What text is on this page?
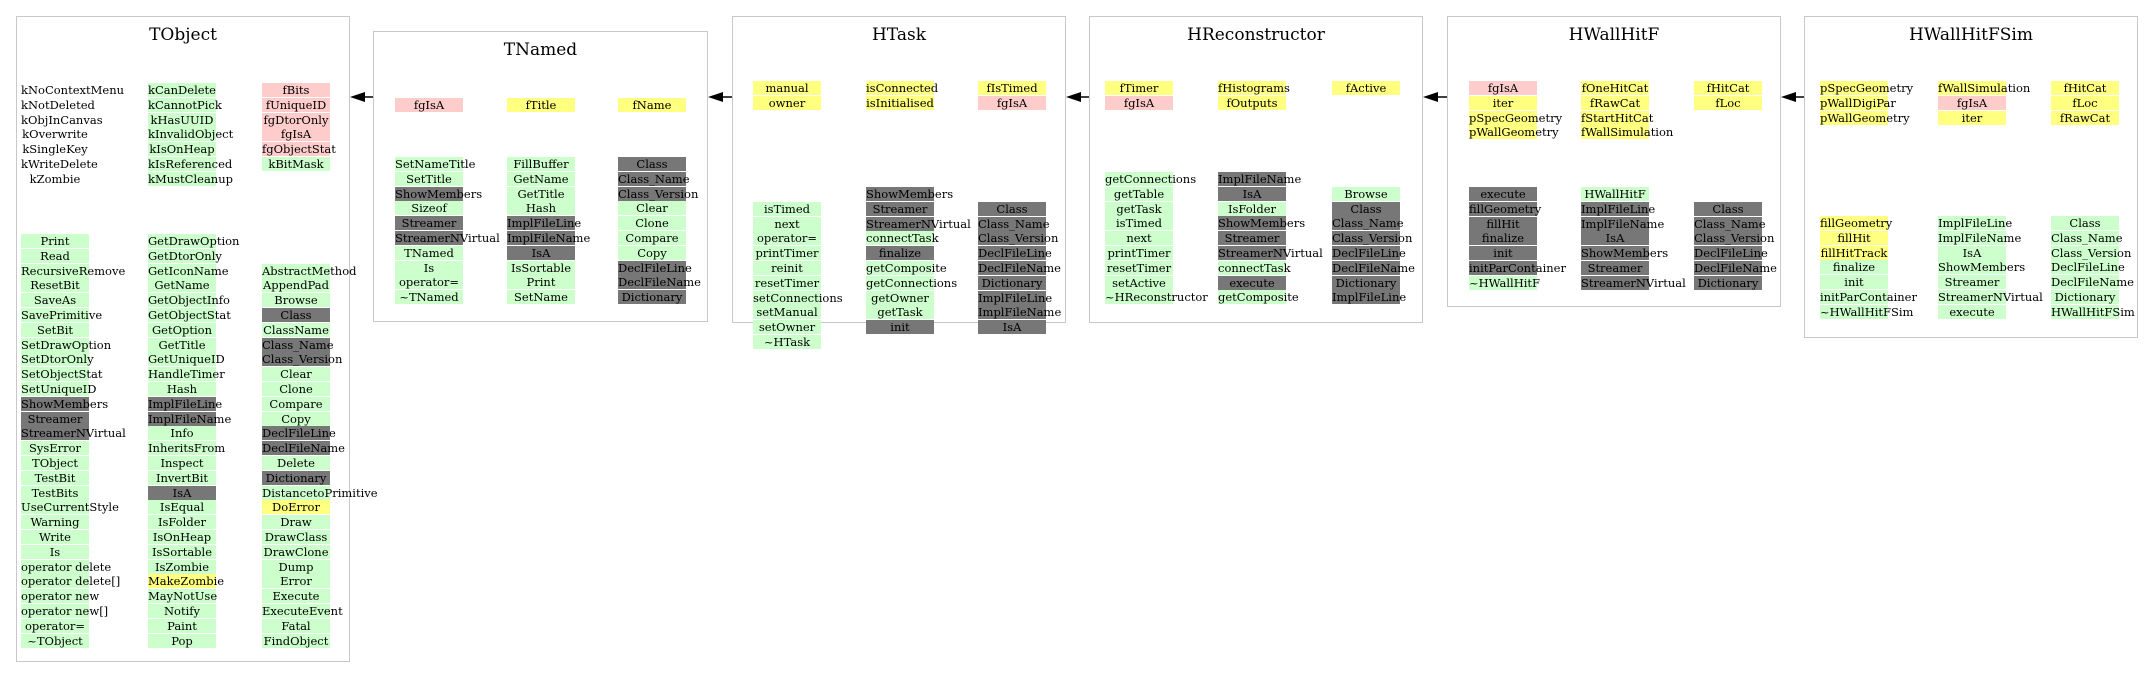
TObject
kNoContextMenu
kNotDeleted
kObjInCanvas
kOverwrite
kSingleKey
kWriteDelete
kZombie
kCanDelete
kCannotPick
kHasUUID
kInvalidObject
kIsOnHeap
kIsReferenced
kMustCleanup
fBits
fUniqueID
fgDtorOnly
fgIsA
fgObjectStat
kBitMask
Print
Read
RecursiveRemove
ResetBit
SaveAs
SavePrimitive
SetBit
SetDrawOption
SetDtorOnly
SetObjectStat
SetUniqueID
ShowMembers
Streamer
StreamerNVirtual
SysError
TObject
TestBit
TestBits
UseCurrentStyle
Warning
Write
Is
operator delete
operator delete[]
operator new
operator new[]
operator=
~TObject
GetDrawOption
GetDtorOnly
GetIconName
GetName
GetObjectInfo
GetObjectStat
GetOption
GetTitle
GetUniqueID
HandleTimer
Hash
ImplFileLine
ImplFileName
Info
InheritsFrom
Inspect
InvertBit
IsA
IsEqual
IsFolder
IsOnHeap
IsSortable
IsZombie
MakeZombie
MayNotUse
Notify
Paint
Pop
AbstractMethod
AppendPad
Browse
Class
ClassName
Class_Name
Class_Version
Clear
Clone
Compare
Copy
DeclFileLine
DeclFileName
Delete
Dictionary
DistancetoPrimitive
DoError
Draw
DrawClass
DrawClone
Dump
Error
Execute
ExecuteEvent
Fatal
FindObject
TNamed
fgIsA	fTitle	fName
SetNameTitle
SetTitle
ShowMembers
Sizeof
Streamer
StreamerNVirtual
TNamed
Is
operator=
~TNamed
FillBuffer
GetName
GetTitle
Hash
ImplFileLine
ImplFileName
IsA
IsSortable
Print
SetName
Class
Class_Name
Class_Version
Clear
Clone
Compare
Copy
DeclFileLine
DeclFileName
Dictionary
HTask
manual
owner
isConnected
isInitialised
fIsTimed
fgIsA
isTimed
next
operator=
printTimer
reinit
resetTimer
setConnections
setManual
setOwner
~HTask
ShowMembers
Streamer
StreamerNVirtual
connectTask
finalize
getComposite
getConnections
getOwner
getTask
init
Class
Class_Name
Class_Version
DeclFileLine
DeclFileName
Dictionary
ImplFileLine
ImplFileName
IsA
HReconstructor
fTimer
fgIsA
fHistograms
fOutputs
fActive
getConnections
getTable
getTask
isTimed
next
printTimer
resetTimer
setActive
~HReconstructor
ImplFileName
IsA
IsFolder
ShowMembers
Streamer
StreamerNVirtual
connectTask
execute
getComposite
Browse
Class
Class_Name
Class_Version
DeclFileLine
DeclFileName
Dictionary
ImplFileLine
HWallHitF
fgIsA
iter
pSpecGeometry
pWallGeometry
fOneHitCat
fRawCat
fStartHitCat
fWallSimulation
fHitCat
fLoc
execute
fillGeometry
fillHit
finalize
init
initParContainer
~HWallHitF
HWallHitF
ImplFileLine
ImplFileName
IsA
ShowMembers
Streamer
StreamerNVirtual
Class
Class_Name
Class_Version
DeclFileLine
DeclFileName
Dictionary
HWallHitFSim
pSpecGeometry
pWallDigiPar
pWallGeometry
fWallSimulation
fgIsA
iter
fHitCat
fLoc
fRawCat
fillGeometry
fillHit
fillHitTrack
finalize
init
initParContainer
~HWallHitFSim
ImplFileLine
ImplFileName
IsA
ShowMembers
Streamer
StreamerNVirtual
execute
Class
Class_Name
Class_Version
DeclFileLine
DeclFileName
Dictionary
HWallHitFSim
